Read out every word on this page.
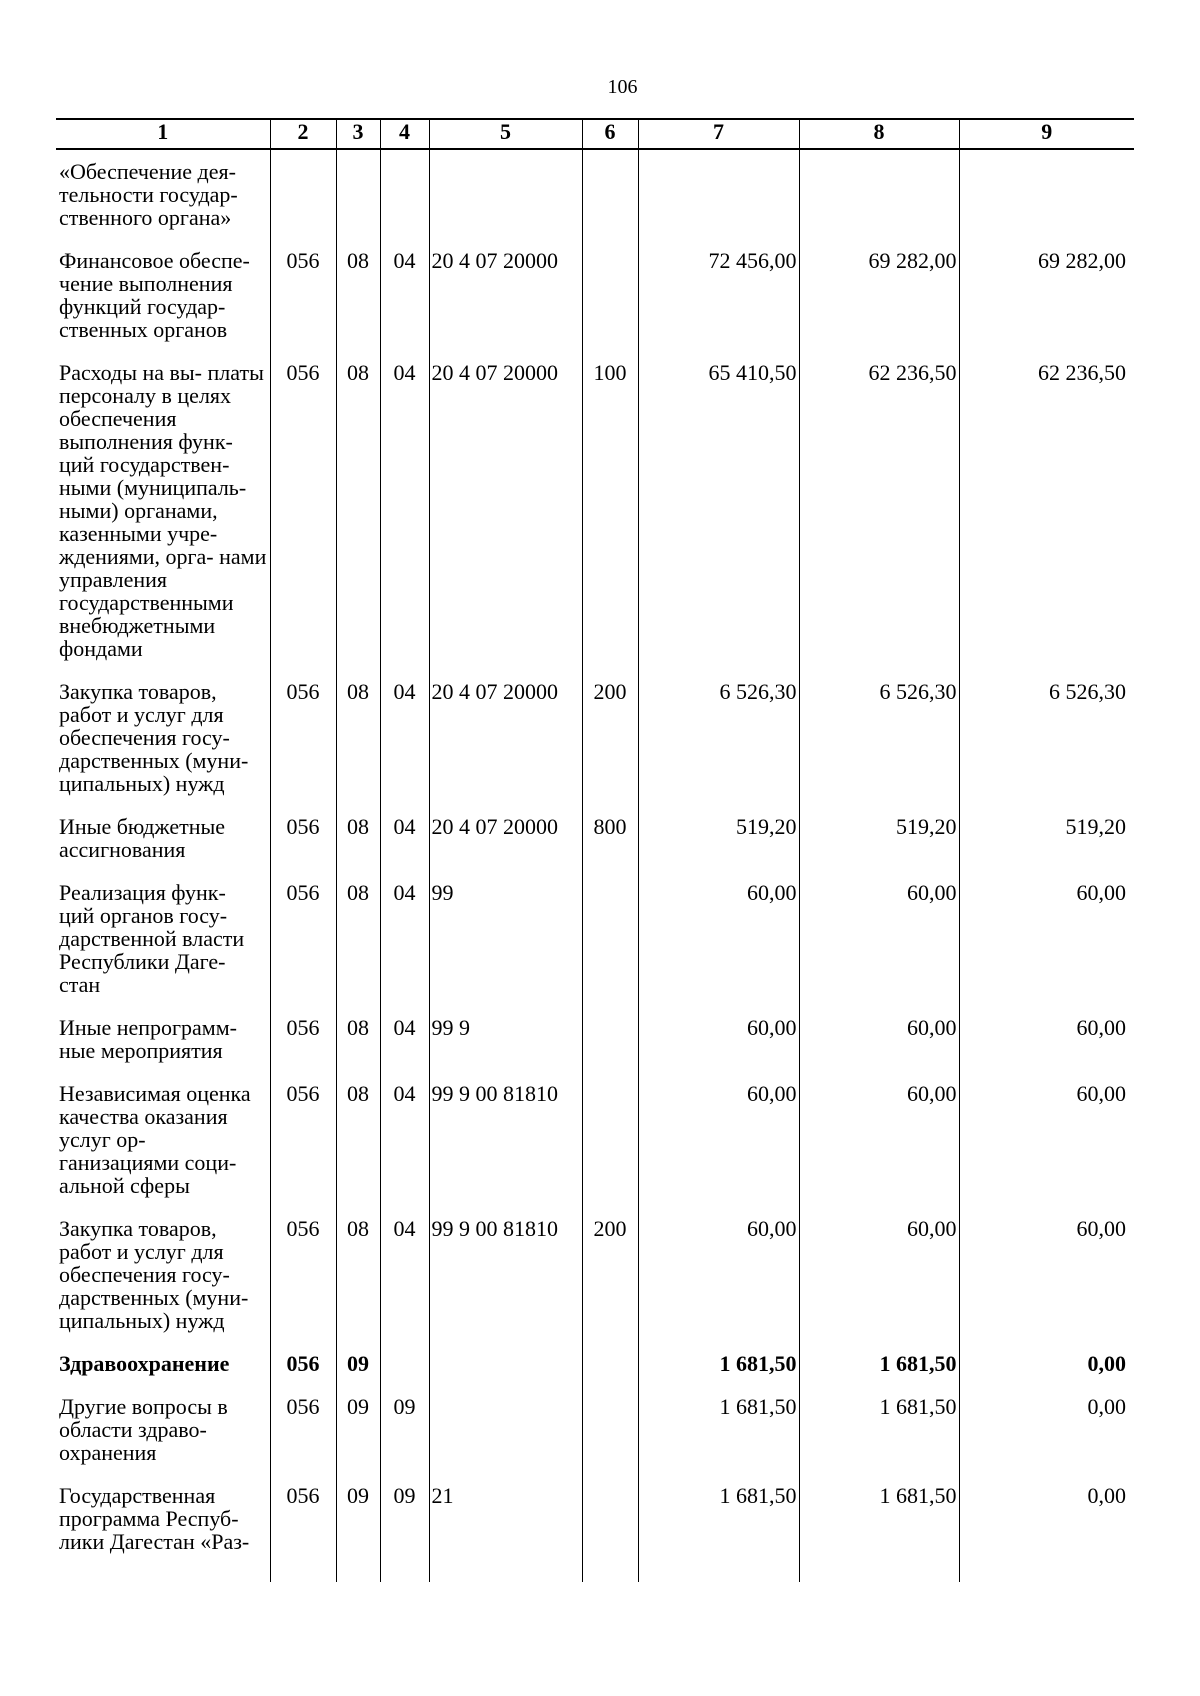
106
1	2	3	4	5	6	7	8	9
«Обеспечение дея- тельности государ- ственного органа»								
Финансовое обеспе- чение выполнения функций государ- ственных органов	056	08	04	20 4 07 20000		72 456,00	69 282,00	69 282,00
Расходы на вы- платы персоналу в целях обеспечения выполнения функ- ций государствен- ными (муниципаль- ными) органами, казенными учре- ждениями, орга- нами управления государственными внебюджетными фондами	056	08	04	20 4 07 20000	100	65 410,50	62 236,50	62 236,50
Закупка товаров, работ и услуг для обеспечения госу- дарственных (муни- ципальных) нужд	056	08	04	20 4 07 20000	200	6 526,30	6 526,30	6 526,30
Иные бюджетные ассигнования	056	08	04	20 4 07 20000	800	519,20	519,20	519,20
Реализация функ- ций органов госу- дарственной власти Республики Даге- стан	056	08	04	99		60,00	60,00	60,00
Иные непрограмм- ные мероприятия	056	08	04	99 9		60,00	60,00	60,00
Независимая оценка качества оказания услуг ор- ганизациями соци- альной сферы	056	08	04	99 9 00 81810		60,00	60,00	60,00
Закупка товаров, работ и услуг для обеспечения госу- дарственных (муни- ципальных) нужд	056	08	04	99 9 00 81810	200	60,00	60,00	60,00
Здравоохранение	056	09				1 681,50	1 681,50	0,00
Другие вопросы в области здраво- охранения	056	09	09			1 681,50	1 681,50	0,00
Государственная программа Респуб- лики Дагестан «Раз-	056	09	09	21		1 681,50	1 681,50	0,00
